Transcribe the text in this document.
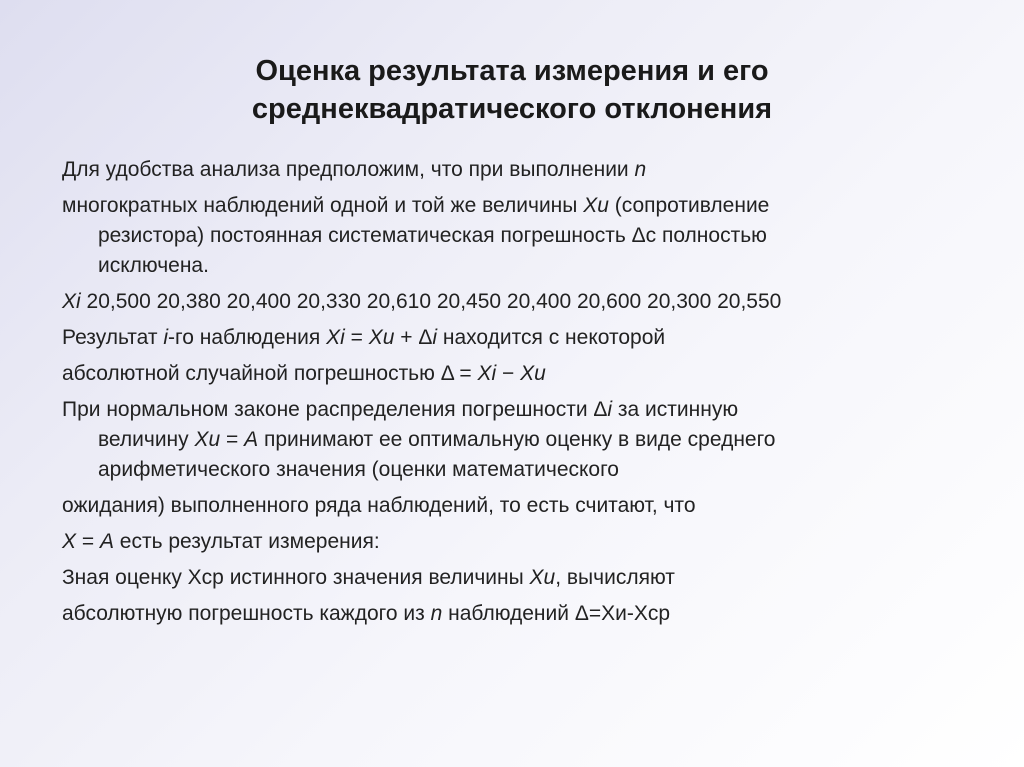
Оценка результата измерения и его
среднеквадратического отклонения
Для удобства анализа предположим, что при выполнении n
многократных наблюдений одной и той же величины Xu (сопротивление
резистора) постоянная систематическая погрешность Δc полностью
исключена.
Xi 20,500 20,380 20,400 20,330 20,610 20,450 20,400 20,600 20,300 20,550
Результат i-го наблюдения Xi = Xu + Δi находится с некоторой
абсолютной случайной погрешностью Δ = Xi − Xu
При нормальном законе распределения погрешности Δi за истинную
величину Xu = A принимают ее оптимальную оценку в виде среднего
арифметического значения (оценки математического
ожидания) выполненного ряда наблюдений, то есть считают, что
X = A есть результат измерения:
Зная оценку Xср истинного значения величины Xu, вычисляют
абсолютную погрешность каждого из n наблюдений Δ=Xи-Xср
